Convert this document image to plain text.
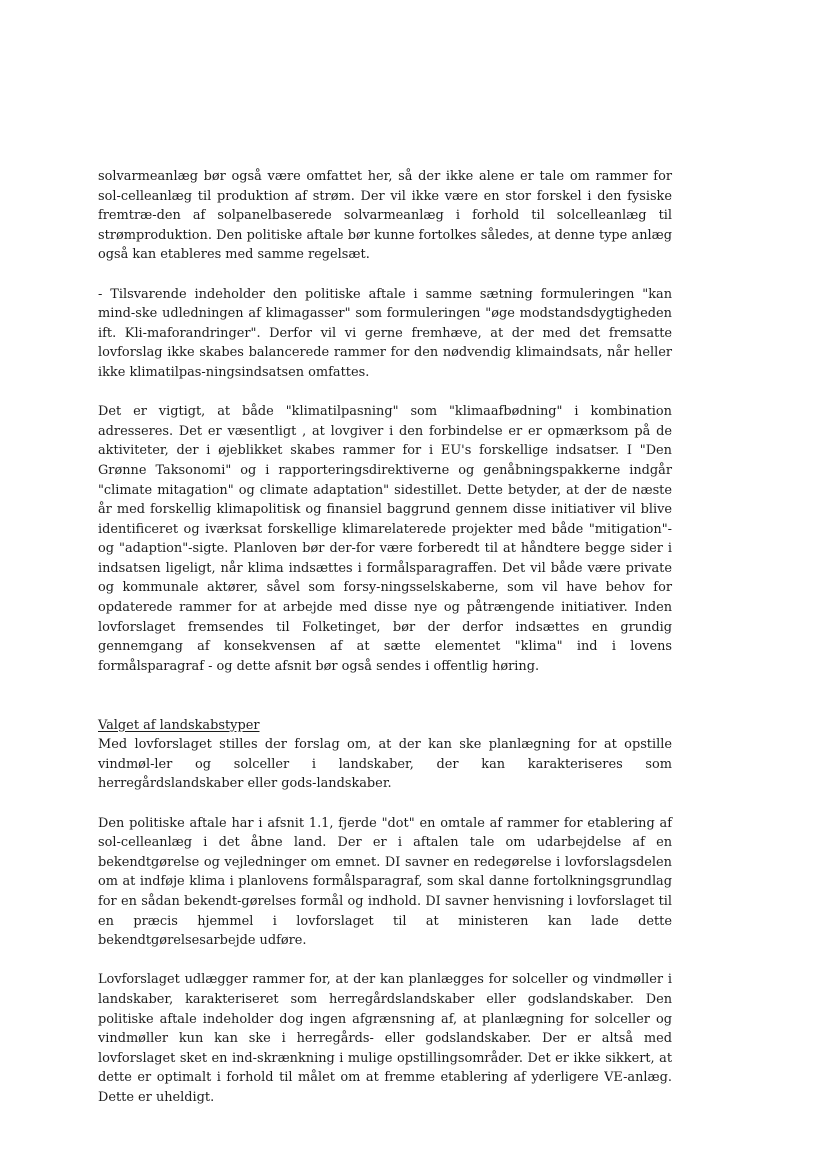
solvarmeanlæg bør også være omfattet her, så der ikke alene er tale om rammer for sol-celleanlæg til produktion af strøm. Der vil ikke være en stor forskel i den fysiske fremtræ-den af solpanelbaserede solvarmeanlæg i forhold til solcelleanlæg til strømproduktion. Den politiske aftale bør kunne fortolkes således, at denne type anlæg også kan etableres med samme regelsæt.

- Tilsvarende indeholder den politiske aftale i samme sætning formuleringen "kan mind-ske udledningen af klimagasser" som formuleringen "øge modstandsdygtigheden ift. Kli-maforandringer". Derfor vil vi gerne fremhæve, at der med det fremsatte lovforslag ikke skabes balancerede rammer for den nødvendig klimaindsats, når heller ikke klimatilpas-ningsindsatsen omfattes.

Det er vigtigt, at både "klimatilpasning" som "klimaafbødning" i kombination adresseres. Det er væsentligt , at lovgiver i den forbindelse er er opmærksom på de aktiviteter, der i øjeblikket skabes rammer for i EU's forskellige indsatser. I "Den Grønne Taksonomi" og i rapporteringsdirektiverne og genåbningspakkerne indgår "climate mitagation" og climate adaptation" sidestillet. Dette betyder, at der de næste år med forskellig klimapolitisk og finansiel baggrund gennem disse initiativer vil blive identificeret og iværksat forskellige klimarelaterede projekter med både "mitigation"- og "adaption"-sigte. Planloven bør der-for være forberedt til at håndtere begge sider i indsatsen ligeligt, når klima indsættes i formålsparagraffen. Det vil både være private og kommunale aktører, såvel som forsy-ningsselskaberne, som vil have behov for opdaterede rammer for at arbejde med disse nye og påtrængende initiativer. Inden lovforslaget fremsendes til Folketinget, bør der derfor indsættes en grundig gennemgang af konsekvensen af at sætte elementet "klima" ind i lovens formålsparagraf - og dette afsnit bør også sendes i offentlig høring.

Valget af landskabstyper

Med lovforslaget stilles der forslag om, at der kan ske planlægning for at opstille vindmøl-ler og solceller i landskaber, der kan karakteriseres som herregårdslandskaber eller gods-landskaber.

Den politiske aftale har i afsnit 1.1, fjerde "dot" en omtale af rammer for etablering af sol-celleanlæg i det åbne land. Der er i aftalen tale om udarbejdelse af en bekendtgørelse og vejledninger om emnet. DI savner en redegørelse i lovforslagsdelen om at indføje klima i planlovens formålsparagraf, som skal danne fortolkningsgrundlag for en sådan bekendt-gørelses formål og indhold. DI savner henvisning i lovforslaget til en præcis hjemmel i lovforslaget til at ministeren kan lade dette bekendtgørelsesarbejde udføre.

Lovforslaget udlægger rammer for, at der kan planlægges for solceller og vindmøller i landskaber, karakteriseret som herregårdslandskaber eller godslandskaber. Den politiske aftale indeholder dog ingen afgrænsning af, at planlægning for solceller og vindmøller kun kan ske i herregårds- eller godslandskaber. Der er altså med lovforslaget sket en ind-skrænkning i mulige opstillingsområder. Det er ikke sikkert, at dette er optimalt i forhold til målet om at fremme etablering af yderligere VE-anlæg. Dette er uheldigt.
